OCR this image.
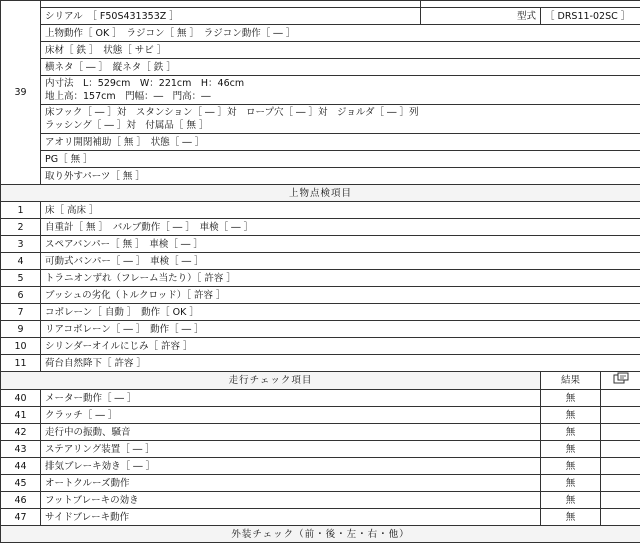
39				
	シリアル　［ F50S431353Z ］	型式	［ DRS11-02SC ］	
	上物動作［ OK ］　ラジコン［ 無 ］　ラジコン動作［ ― ］			
	床材［ 鉄 ］　状態［ サビ ］			
	横ネタ［ ― ］　縦ネタ［ 鉄 ］			

	内寸法　L：529cm　W：221cm　H：46cm
地上高：157cm　門幅：―　門高：―			

	床フック［ ― ］対　スタンション［ ― ］対　ロープ穴［ ― ］対　ジョルダ［ ― ］列
ラッシング［ ― ］対　付属品［ 無 ］			

	アオリ開閉補助［ 無 ］　状態［ ― ］			
	PG［ 無 ］			
	取り外すパーツ［ 無 ］			
上物点検項目				
1	床［ 高床 ］			
2	自重計［ 無 ］　バルブ動作［ ― ］　車検［ ― ］			
3	スペアバンパー［ 無 ］　車検［ ― ］			
4	可動式バンパー［ ― ］　車検［ ― ］			
5	トラニオンずれ（フレーム当たり）［ 許容 ］			
6	ブッシュの劣化（トルクロッド）［ 許容 ］			
7	コボレーン［ 自動 ］　動作［ OK ］			
9	リアコボレーン［ ― ］　動作［ ― ］			
10	シリンダーオイルにじみ［ 許容 ］			
11	荷台自然降下［ 許容 ］			
走行チェック項目			結果	
40	メーター動作［ ― ］		無	
41	クラッチ［ ― ］		無	
42	走行中の振動、騒音		無	
43	ステアリング装置［ ― ］		無	
44	排気ブレーキ効き［ ― ］		無	
45	オートクルーズ動作		無	
46	フットブレーキの効き		無	
47	サイドブレーキ動作		無	
外装チェック（前・後・左・右・他）				
